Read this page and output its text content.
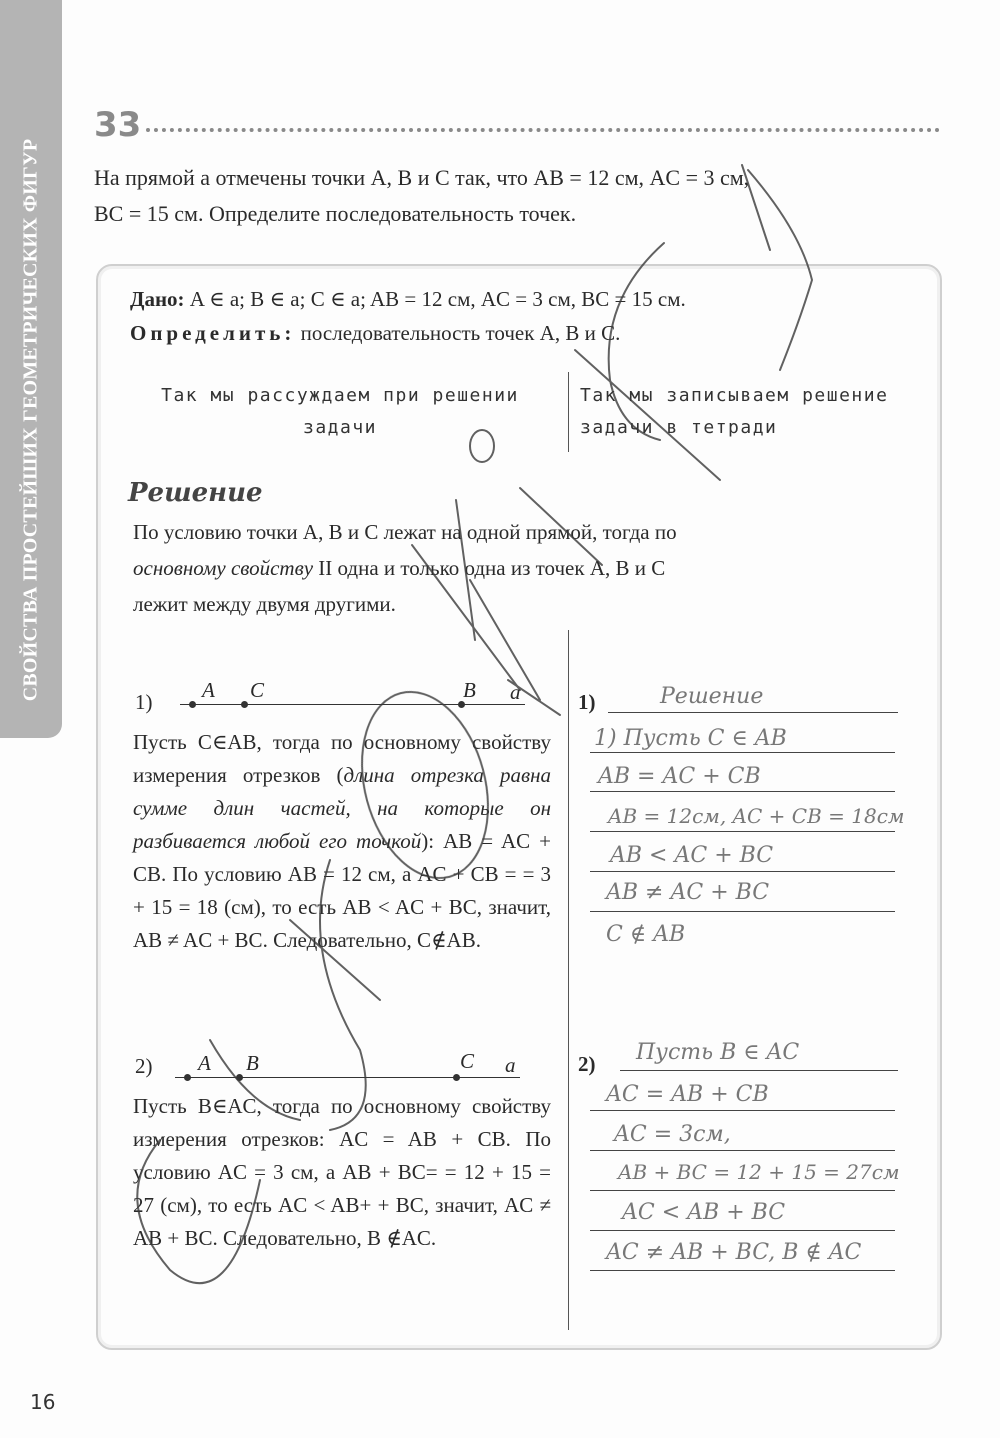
СВОЙСТВА ПРОСТЕЙШИХ ГЕОМЕТРИЧЕСКИХ ФИГУР
16
33
На прямой a отмечены точки A, B и C так, что AB = 12 см, AC = 3 см,
BC = 15 см. Определите последовательность точек.
Дано: A ∈ a; B ∈ a; C ∈ a; AB = 12 см, AC = 3 см, BC = 15 см.
Определить: последовательность точек A, B и C.
Так мы рассуждаем при решении задачи
Так мы записываем решение задачи в тетради
Решение
По условию точки A, B и C лежат на одной прямой, тогда по
основному свойству II одна и только одна из точек A, B и C
лежит между двумя другими.
1) A C	B a
Пусть C∈AB, тогда по основному свойству измерения отрезков (длина отрезка равна сумме длин частей, на которые он разбивается любой его точкой): AB = AC + CB. По условию AB = 12 см, а AC + CB = = 3 + 15 = 18 (см), то есть AB < AC + BC, значит, AB ≠ AC + BC. Следовательно, C∉AB.
2) A B	C a
Пусть B∈AC, тогда по основному свойству измерения отрезков: AC = AB + CB. По условию AC = 3 см, а AB + BC= = 12 + 15 = 27 (см), то есть AC < AB+ + BC, значит, AC ≠ AB + BC. Следовательно, B ∉AC.
1)	Решение
1) Пусть C ∈ AB
AB = AC + CB
AB = 12см, AC + CB = 18см
AB < AC + BC
AB ≠ AC + BC
C ∉ AB
2) Пусть B ∈ AC
AC = AB + CB
AC = 3см,
AB + BC = 12 + 15 = 27см
AC < AB + BC
AC ≠ AB + BC, B ∉ AC
